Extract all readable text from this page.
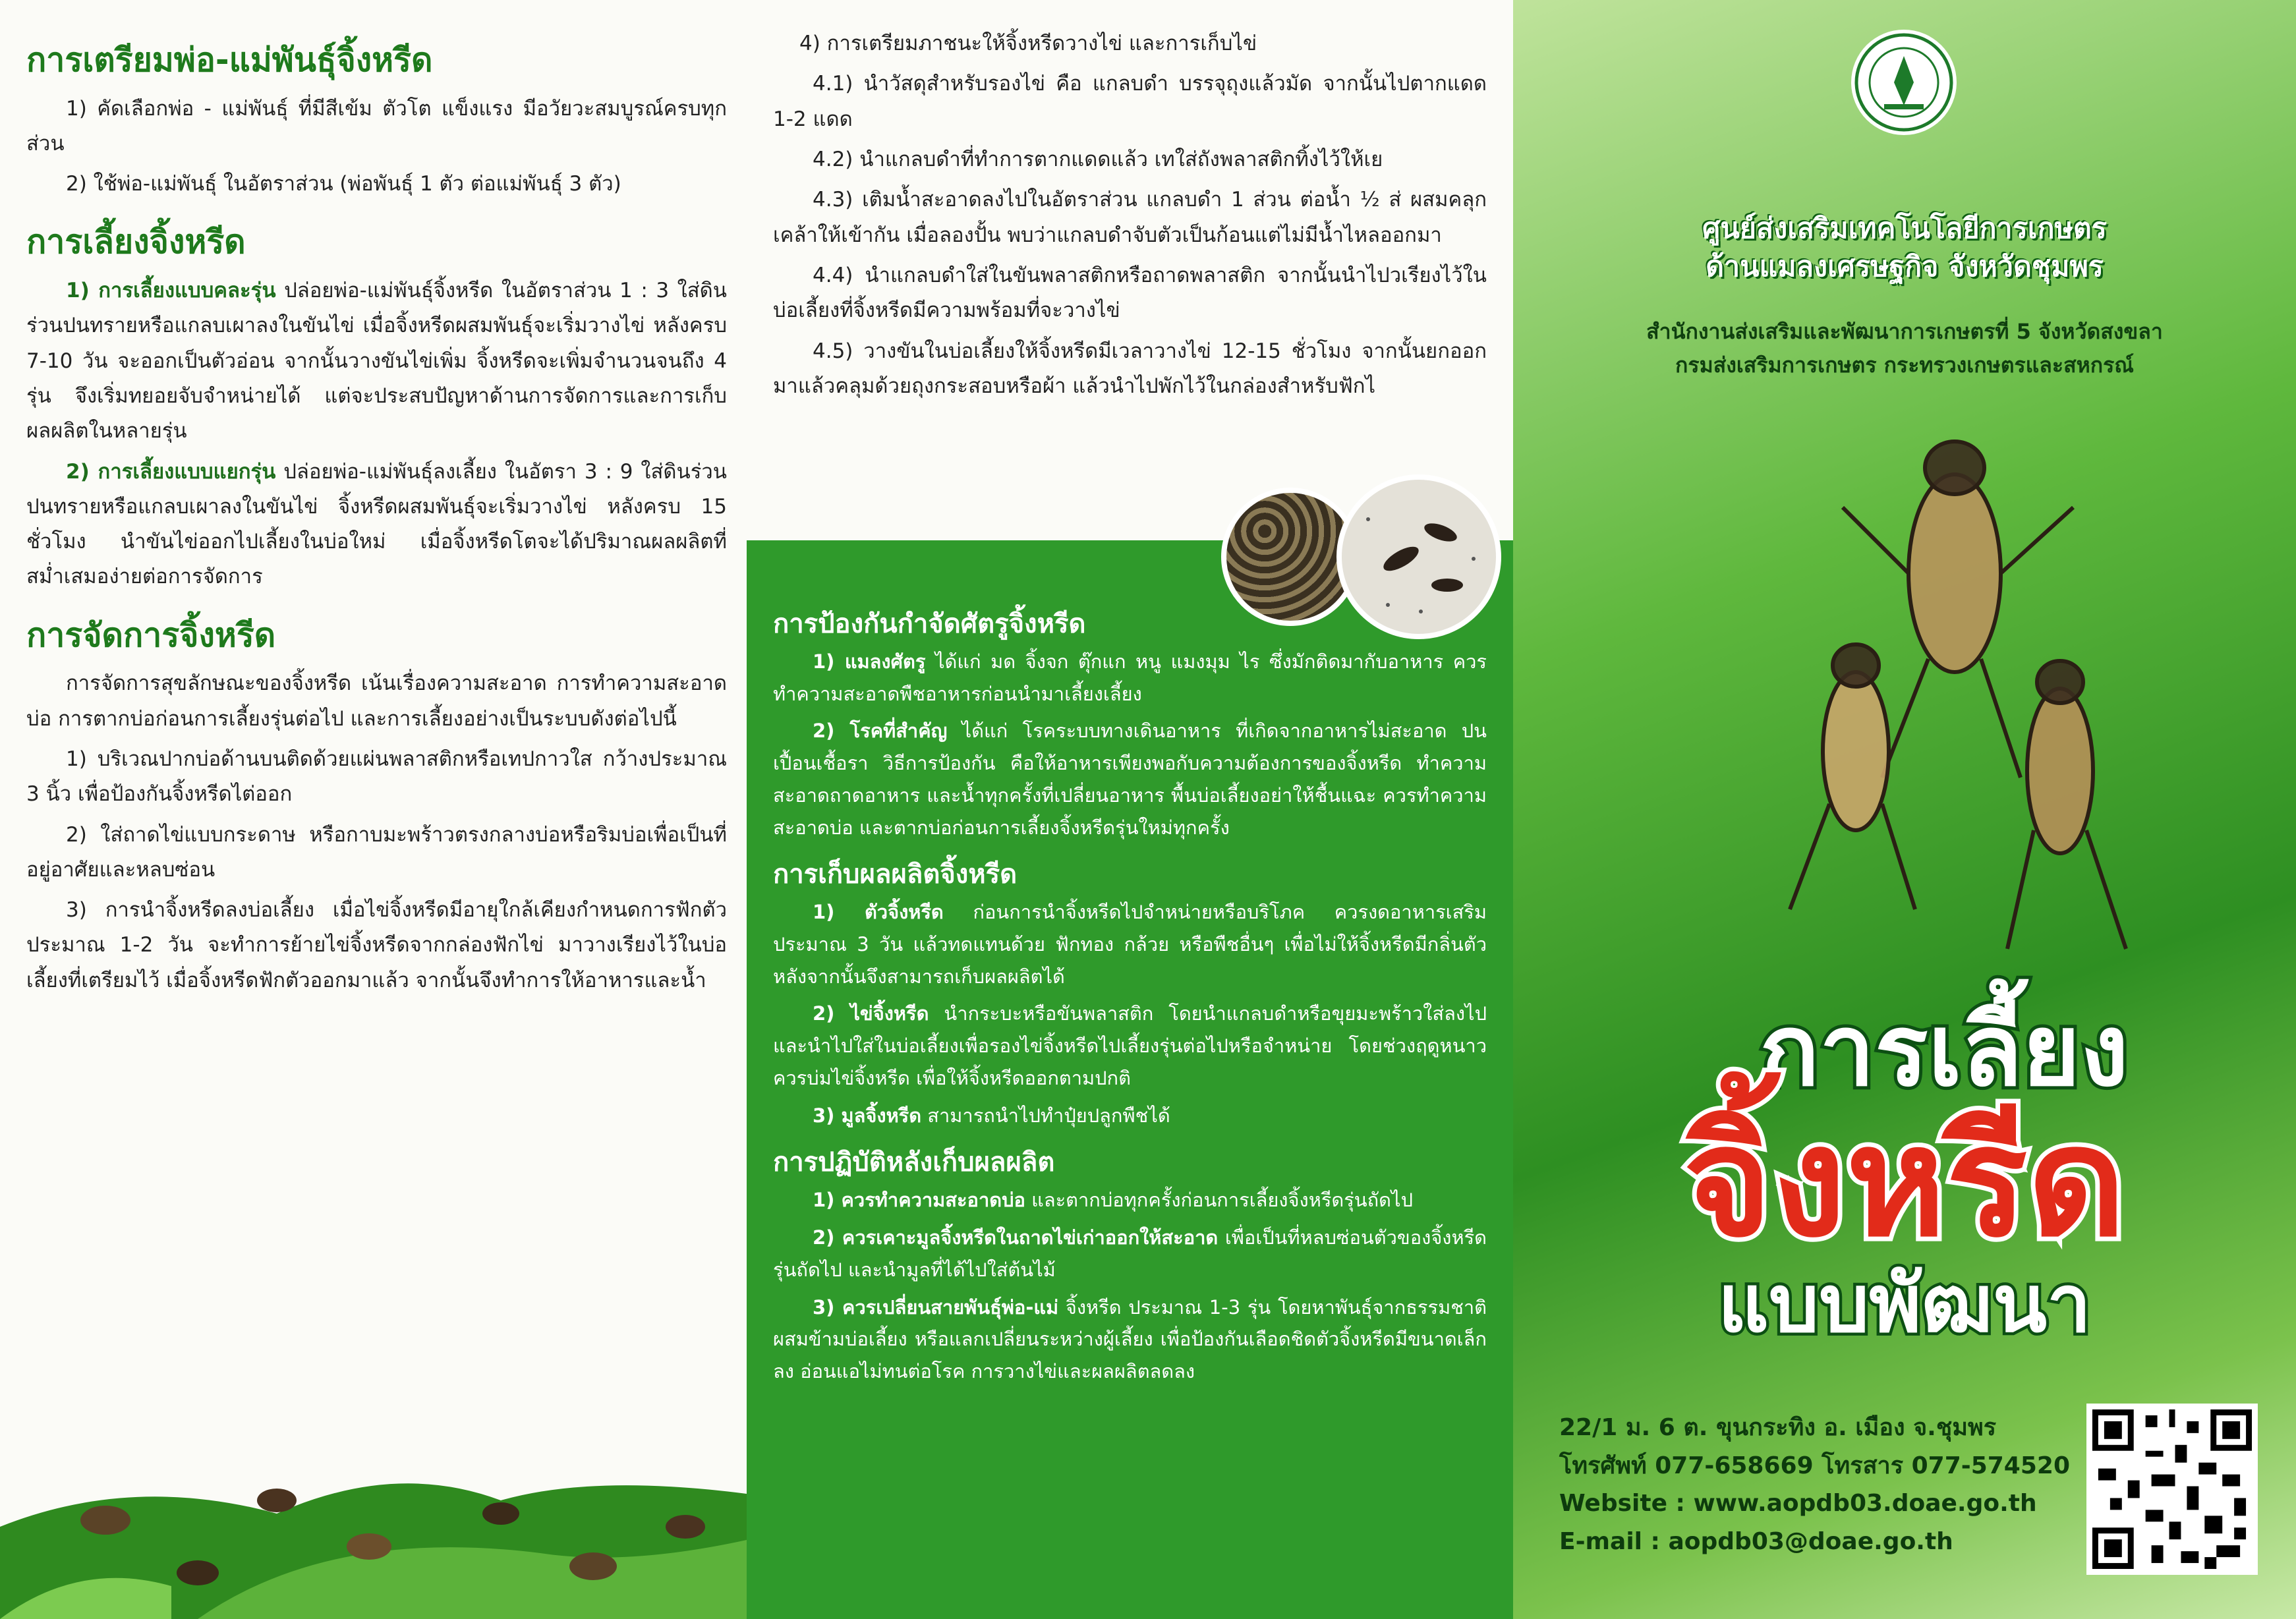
การเตรียมพ่อ-แม่พันธุ์จิ้งหรีด

1) คัดเลือกพ่อ - แม่พันธุ์ ที่มีสีเข้ม ตัวโต แข็งแรง มีอวัยวะสมบูรณ์ครบทุกส่วน

2) ใช้พ่อ-แม่พันธุ์ ในอัตราส่วน (พ่อพันธุ์ 1 ตัว ต่อแม่พันธุ์ 3 ตัว)

การเลี้ยงจิ้งหรีด

1) การเลี้ยงแบบคละรุ่น ปล่อยพ่อ-แม่พันธุ์จิ้งหรีด ในอัตราส่วน 1 : 3 ใส่ดินร่วนปนทรายหรือแกลบเผาลงในขันไข่ เมื่อจิ้งหรีดผสมพันธุ์จะเริ่มวางไข่ หลังครบ 7-10 วัน จะออกเป็นตัวอ่อน จากนั้นวางขันไข่เพิ่ม จิ้งหรีดจะเพิ่มจำนวนจนถึง 4 รุ่น จึงเริ่มทยอยจับจำหน่ายได้ แต่จะประสบปัญหาด้านการจัดการและการเก็บผลผลิตในหลายรุ่น

2) การเลี้ยงแบบแยกรุ่น ปล่อยพ่อ-แม่พันธุ์ลงเลี้ยง ในอัตรา 3 : 9 ใส่ดินร่วนปนทรายหรือแกลบเผาลงในขันไข่ จิ้งหรีดผสมพันธุ์จะเริ่มวางไข่ หลังครบ 15 ชั่วโมง นำขันไข่ออกไปเลี้ยงในบ่อใหม่ เมื่อจิ้งหรีดโตจะได้ปริมาณผลผลิตที่สม่ำเสมอง่ายต่อการจัดการ

การจัดการจิ้งหรีด

การจัดการสุขลักษณะของจิ้งหรีด เน้นเรื่องความสะอาด การทำความสะอาดบ่อ การตากบ่อก่อนการเลี้ยงรุ่นต่อไป และการเลี้ยงอย่างเป็นระบบดังต่อไปนี้

1) บริเวณปากบ่อด้านบนติดด้วยแผ่นพลาสติกหรือเทปกาวใส กว้างประมาณ 3 นิ้ว เพื่อป้องกันจิ้งหรีดไต่ออก

2) ใส่ถาดไข่แบบกระดาษ หรือกาบมะพร้าวตรงกลางบ่อหรือริมบ่อเพื่อเป็นที่อยู่อาศัยและหลบซ่อน

3) การนำจิ้งหรีดลงบ่อเลี้ยง เมื่อไข่จิ้งหรีดมีอายุใกล้เคียงกำหนดการฟักตัวประมาณ 1-2 วัน จะทำการย้ายไข่จิ้งหรีดจากกล่องฟักไข่ มาวางเรียงไว้ในบ่อเลี้ยงที่เตรียมไว้ เมื่อจิ้งหรีดฟักตัวออกมาแล้ว จากนั้นจึงทำการให้อาหารและน้ำ

4) การเตรียมภาชนะให้จิ้งหรีดวางไข่ และการเก็บไข่

4.1) นำวัสดุสำหรับรองไข่ คือ แกลบดำ บรรจุถุงแล้วมัด จากนั้นไปตากแดด 1-2 แดด

4.2) นำแกลบดำที่ทำการตากแดดแล้ว เทใส่ถังพลาสติกทิ้งไว้ให้เย

4.3) เติมน้ำสะอาดลงไปในอัตราส่วน แกลบดำ 1 ส่วน ต่อน้ำ ½ ส่ ผสมคลุกเคล้าให้เข้ากัน เมื่อลองปั้น พบว่าแกลบดำจับตัวเป็นก้อนแต่ไม่มีน้ำไหลออกมา

4.4) นำแกลบดำใส่ในขันพลาสติกหรือถาดพลาสติก จากนั้นนำไปวเรียงไว้ในบ่อเลี้ยงที่จิ้งหรีดมีความพร้อมที่จะวางไข่

4.5) วางขันในบ่อเลี้ยงให้จิ้งหรีดมีเวลาวางไข่ 12-15 ชั่วโมง จากนั้นยกออกมาแล้วคลุมด้วยถุงกระสอบหรือผ้า แล้วนำไปพักไว้ในกล่องสำหรับฟักไ

การป้องกันกำจัดศัตรูจิ้งหรีด

1) แมลงศัตรู ได้แก่ มด จิ้งจก ตุ๊กแก หนู แมงมุม ไร ซึ่งมักติดมากับอาหาร ควรทำความสะอาดพืชอาหารก่อนนำมาเลี้ยงเลี้ยง

2) โรคที่สำคัญ ได้แก่ โรคระบบทางเดินอาหาร ที่เกิดจากอาหารไม่สะอาด ปนเปื้อนเชื้อรา วิธีการป้องกัน คือให้อาหารเพียงพอกับความต้องการของจิ้งหรีด ทำความสะอาดถาดอาหาร และน้ำทุกครั้งที่เปลี่ยนอาหาร พื้นบ่อเลี้ยงอย่าให้ชื้นแฉะ ควรทำความสะอาดบ่อ และตากบ่อก่อนการเลี้ยงจิ้งหรีดรุ่นใหม่ทุกครั้ง

การเก็บผลผลิตจิ้งหรีด

1) ตัวจิ้งหรีด ก่อนการนำจิ้งหรีดไปจำหน่ายหรือบริโภค ควรงดอาหารเสริมประมาณ 3 วัน แล้วทดแทนด้วย ฟักทอง กล้วย หรือพืชอื่นๆ เพื่อไม่ให้จิ้งหรีดมีกลิ่นตัว หลังจากนั้นจึงสามารถเก็บผลผลิตได้

2) ไข่จิ้งหรีด นำกระบะหรือขันพลาสติก โดยนำแกลบดำหรือขุยมะพร้าวใส่ลงไปและนำไปใส่ในบ่อเลี้ยงเพื่อรองไข่จิ้งหรีดไปเลี้ยงรุ่นต่อไปหรือจำหน่าย โดยช่วงฤดูหนาวควรบ่มไข่จิ้งหรีด เพื่อให้จิ้งหรีดออกตามปกติ

3) มูลจิ้งหรีด สามารถนำไปทำปุ๋ยปลูกพืชได้

การปฏิบัติหลังเก็บผลผลิต

1) ควรทำความสะอาดบ่อ และตากบ่อทุกครั้งก่อนการเลี้ยงจิ้งหรีดรุ่นถัดไป

2) ควรเคาะมูลจิ้งหรีดในถาดไข่เก่าออกให้สะอาด เพื่อเป็นที่หลบซ่อนตัวของจิ้งหรีดรุ่นถัดไป และนำมูลที่ได้ไปใส่ต้นไม้

3) ควรเปลี่ยนสายพันธุ์พ่อ-แม่ จิ้งหรีด ประมาณ 1-3 รุ่น โดยหาพันธุ์จากธรรมชาติผสมข้ามบ่อเลี้ยง หรือแลกเปลี่ยนระหว่างผู้เลี้ยง เพื่อป้องกันเลือดชิดตัวจิ้งหรีดมีขนาดเล็กลง อ่อนแอไม่ทนต่อโรค การวางไข่และผลผลิตลดลง

ศูนย์ส่งเสริมเทคโนโลยีการเกษตร
ด้านแมลงเศรษฐกิจ จังหวัดชุมพร
สำนักงานส่งเสริมและพัฒนาการเกษตรที่ 5 จังหวัดสงขลา
กรมส่งเสริมการเกษตร กระทรวงเกษตรและสหกรณ์
การเลี้ยง
จิ้งหรีด
แบบพัฒนา
22/1 ม. 6 ต. ขุนกระทิง อ. เมือง จ.ชุมพร
โทรศัพท์ 077-658669 โทรสาร 077-574520
Website : www.aopdb03.doae.go.th
E-mail : aopdb03@doae.go.th
